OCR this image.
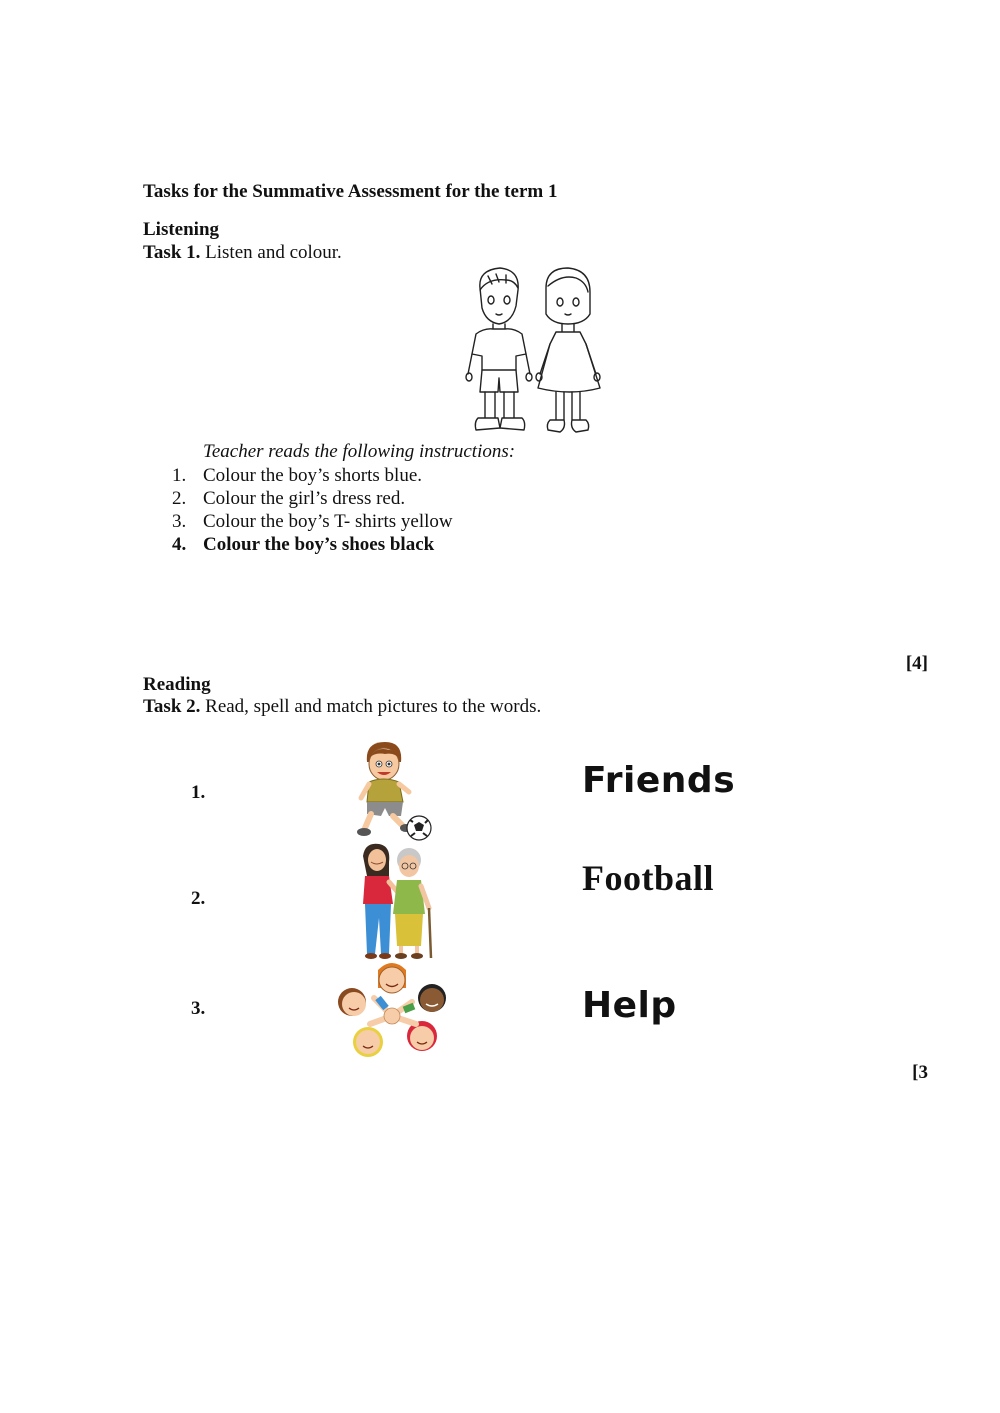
Tasks for the Summative Assessment for the term 1
Listening
Task 1. Listen and colour.
Teacher reads the following instructions:
1. Colour the boy’s shorts blue.
2. Colour the girl’s dress red.
3. Colour the boy’s T- shirts yellow
4. Colour the boy’s shoes black
[4]
Reading
Task 2. Read, spell and match pictures to the words.
1.
2.
3.
Friends
Football
Help
[3
